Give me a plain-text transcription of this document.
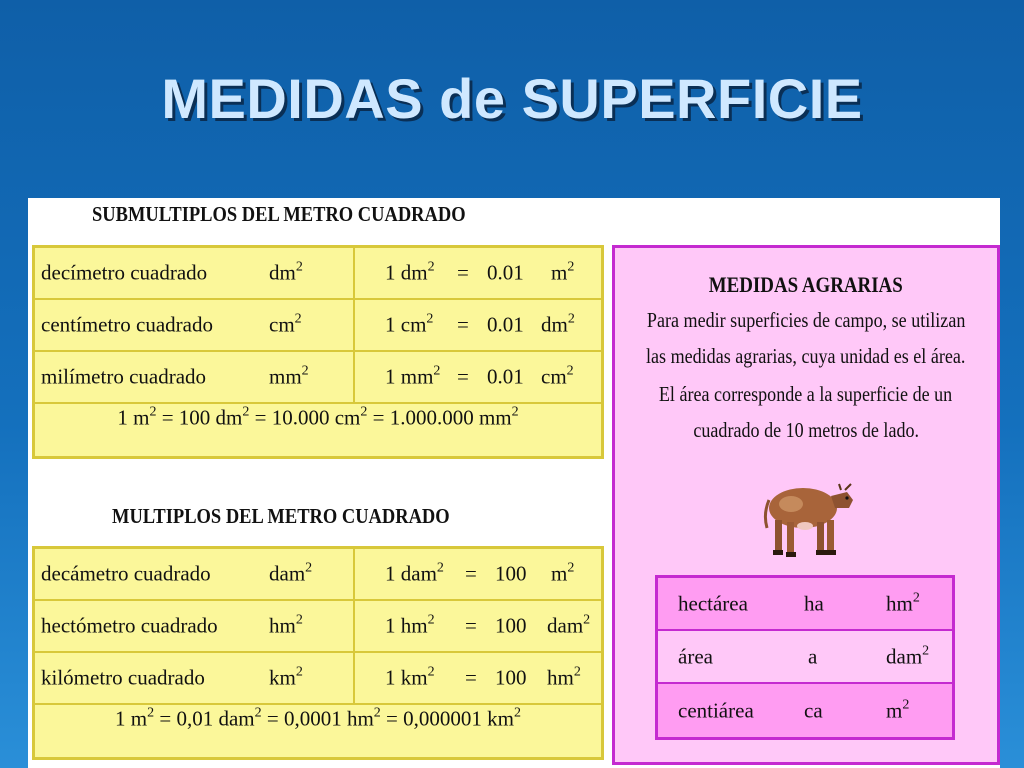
MEDIDAS de SUPERFICIE
SUBMULTIPLOS DEL METRO CUADRADO
decímetro cuadrado	$dm^2$	1 $dm^2 = 0.01$ $m^2$
centímetro cuadrado	$cm^2$	1 $cm^2 = 0.01$ $dm^2$
milímetro cuadrado	$mm^2$	1 $mm^2 = 0.01$ $cm^2$
1 $m^2 = 100$ $dm^2 = 10.000$ $cm^2 = 1.000.000$ $mm^2$
MULTIPLOS DEL METRO CUADRADO
decámetro cuadrado	dam$^2$	1 dam$^2$ = 100 $m^2$
hectómetro cuadrado $hm^2$	1 $hm^2 = 100$ dam$^2$
kilómetro cuadrado	$km^2$	1 $km^2 = 100$ $hm^2$
1 $m^2 = 0,01$ dam$^2$ = 0,0001 $hm^2 = 0,000001$ $km^2$
MEDIDAS AGRARIAS
Para medir superficies de campo, se utilizan
las medidas agrarias, cuya unidad es el área.
El área corresponde a la superficie de un
cuadrado de 10 metros de lado.
hectárea	ha	$hm^2$
área	a	dam$^2$
centiárea ca	$m^2$
